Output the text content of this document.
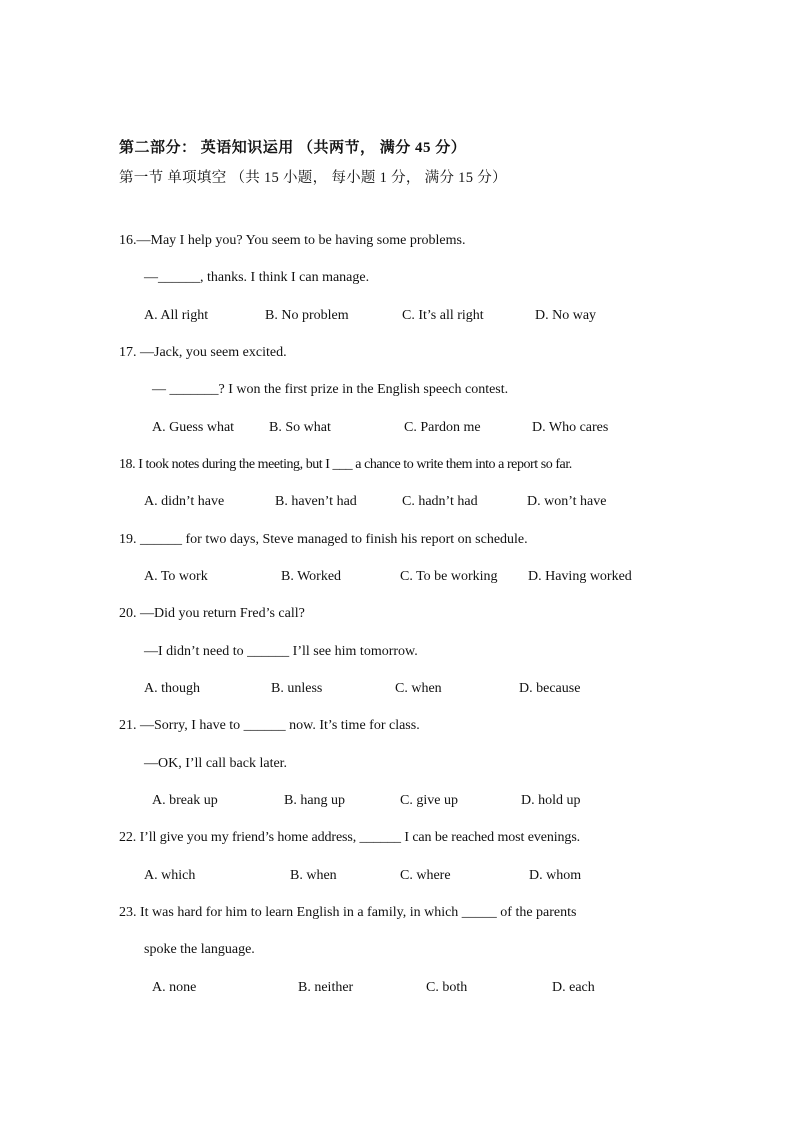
第二部分： 英语知识运用 （共两节， 满分 45 分）
第一节 单项填空 （共 15 小题， 每小题 1 分， 满分 15 分）
16.—May I help you? You seem to be having some problems.
—______, thanks. I think I can manage.
A. All right	B. No problem	C. It’s all right	D. No way
17. —Jack, you seem excited.
— _______? I won the first prize in the English speech contest.
A. Guess what B. So what	C. Pardon me	D. Who cares
18. I took notes during the meeting, but I ___ a chance to write them into a report so far.
A. didn’t have	B. haven’t had	C. hadn’t had	D. won’t have
19. ______ for two days, Steve managed to finish his report on schedule.
A. To work	B. Worked	C. To be working D. Having worked
20. —Did you return Fred’s call?
—I didn’t need to ______ I’ll see him tomorrow.
A. though	B. unless	C. when	D. because
21. —Sorry, I have to ______ now. It’s time for class.
—OK, I’ll call back later.
A. break up	B. hang up	C. give up	D. hold up
22. I’ll give you my friend’s home address, ______ I can be reached most evenings.
A. which	B. when	C. where	D. whom
23. It was hard for him to learn English in a family, in which _____ of the parents
spoke the language.
A. none	B. neither	C. both	D. each
